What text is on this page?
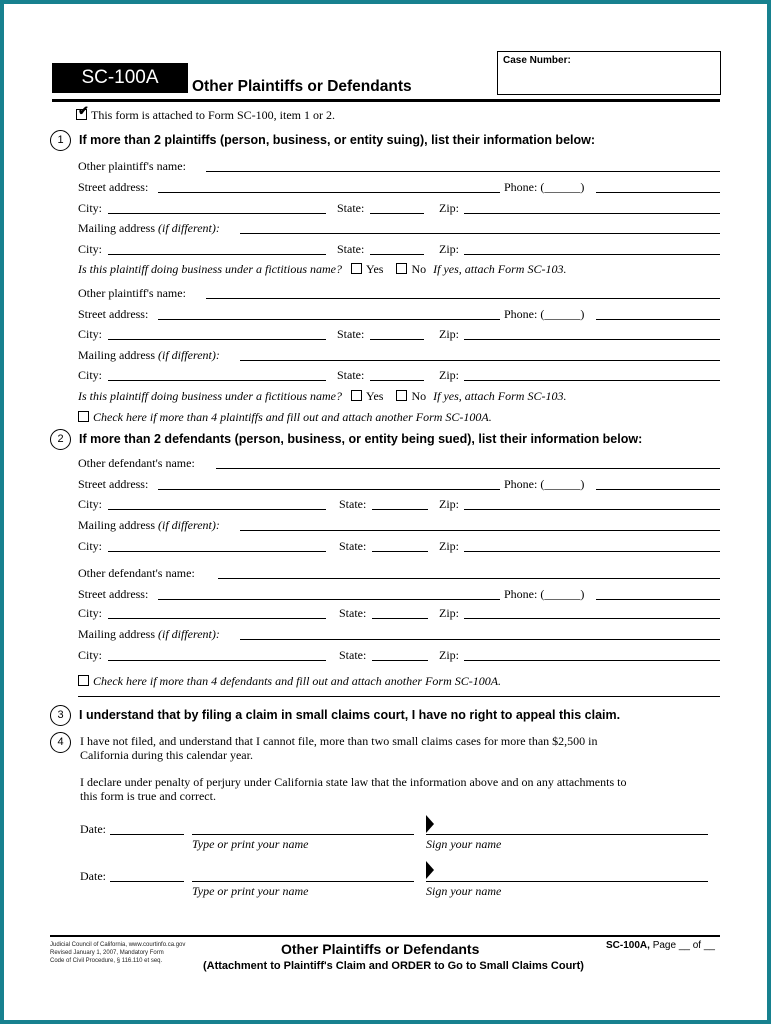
SC-100A	Other Plaintiffs or Defendants
Case Number:
✔ This form is attached to Form SC-100, item 1 or 2.
1	If more than 2 plaintiffs (person, business, or entity suing), list their information below:
Other plaintiff's name:
Street address:	Phone: (______)
City:	State:	Zip:
Mailing address (if different):
City:	State:	Zip:
Is this plaintiff doing business under a fictitious name? Yes No If yes, attach Form SC-103.
Other plaintiff's name:
Street address:	Phone: (______)
City:	State:	Zip:
Mailing address (if different):
City:	State:	Zip:
Is this plaintiff doing business under a fictitious name? Yes No If yes, attach Form SC-103.
Check here if more than 4 plaintiffs and fill out and attach another Form SC-100A.
2	If more than 2 defendants (person, business, or entity being sued), list their information below:
Other defendant's name:
Street address:	Phone: (______)
City:	State:	Zip:
Mailing address (if different):
City:	State:	Zip:
Other defendant's name:
Street address:	Phone: (______)
City:	State:	Zip:
Mailing address (if different):
City:	State:	Zip:
Check here if more than 4 defendants and fill out and attach another Form SC-100A.
3	I understand that by filing a claim in small claims court, I have no right to appeal this claim.
4	I have not filed, and understand that I cannot file, more than two small claims cases for more than $2,500 in
California during this calendar year.
I declare under penalty of perjury under California state law that the information above and on any attachments to
this form is true and correct.
Date:
Type or print your name	Sign your name
Date:
Type or print your name	Sign your name
Judicial Council of California, www.courtinfo.ca.gov
Revised January 1, 2007, Mandatory Form
Code of Civil Procedure, § 116.110 et seq.
Other Plaintiffs or Defendants
(Attachment to Plaintiff's Claim and ORDER to Go to Small Claims Court)
SC-100A, Page __ of __
